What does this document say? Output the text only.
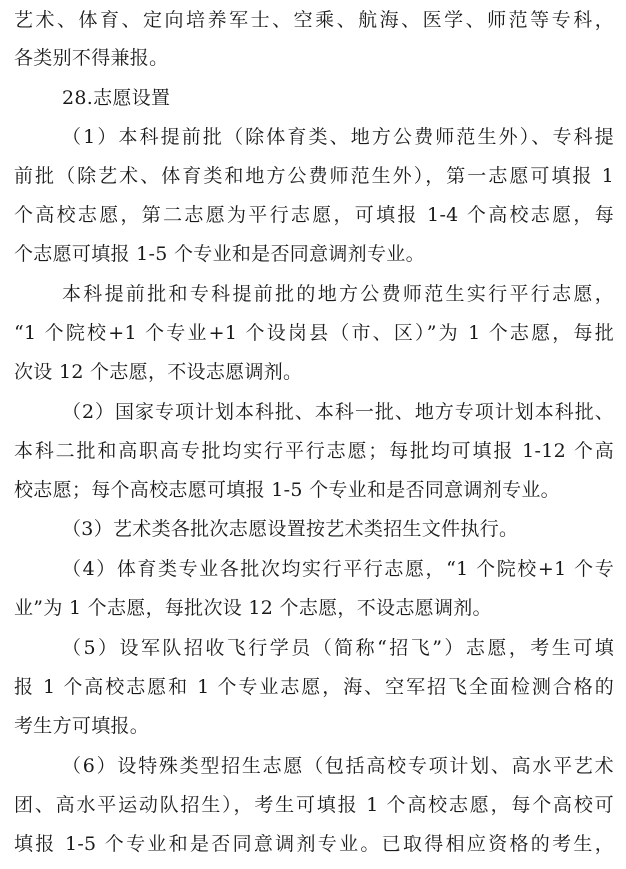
艺术、体育、定向培养军士、空乘、航海、医学、师范等专科，
各类别不得兼报。
28.志愿设置
（1）本科提前批（除体育类、地方公费师范生外）、专科提
前批（除艺术、体育类和地方公费师范生外），第一志愿可填报 1
个高校志愿，第二志愿为平行志愿，可填报 1-4 个高校志愿，每
个志愿可填报 1-5 个专业和是否同意调剂专业。
本科提前批和专科提前批的地方公费师范生实行平行志愿，
“1 个院校+1 个专业+1 个设岗县（市、区）”为 1 个志愿，每批
次设 12 个志愿，不设志愿调剂。
（2）国家专项计划本科批、本科一批、地方专项计划本科批、
本科二批和高职高专批均实行平行志愿；每批均可填报 1-12 个高
校志愿；每个高校志愿可填报 1-5 个专业和是否同意调剂专业。
（3）艺术类各批次志愿设置按艺术类招生文件执行。
（4）体育类专业各批次均实行平行志愿，“1 个院校+1 个专
业”为 1 个志愿，每批次设 12 个志愿，不设志愿调剂。
（5）设军队招收飞行学员（简称“招飞”）志愿，考生可填
报 1 个高校志愿和 1 个专业志愿，海、空军招飞全面检测合格的
考生方可填报。
（6）设特殊类型招生志愿（包括高校专项计划、高水平艺术
团、高水平运动队招生），考生可填报 1 个高校志愿，每个高校可
填报 1-5 个专业和是否同意调剂专业。已取得相应资格的考生，
